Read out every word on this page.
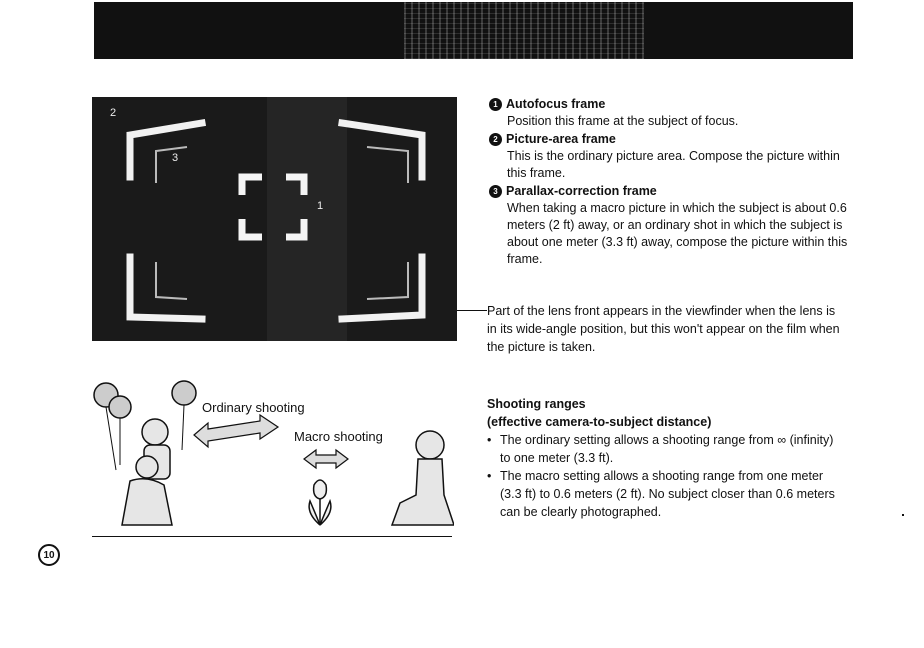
1
2
3
1 Autofocus frame
Position this frame at the subject of focus.
2 Picture-area frame
This is the ordinary picture area. Compose the picture within this frame.
3 Parallax-correction frame
When taking a macro picture in which the subject is about 0.6 meters (2 ft) away, or an ordinary shot in which the subject is about one meter (3.3 ft) away, compose the picture within this frame.
Part of the lens front appears in the viewfinder when the lens is in its wide-angle position, but this won't appear on the film when the picture is taken.
Ordinary shooting
Macro shooting
Shooting ranges
(effective camera-to-subject distance)
• The ordinary setting allows a shooting range from ∞ (infinity) to one meter (3.3 ft).
• The macro setting allows a shooting range from one meter (3.3 ft) to 0.6 meters (2 ft). No subject closer than 0.6 meters can be clearly photographed.
10
